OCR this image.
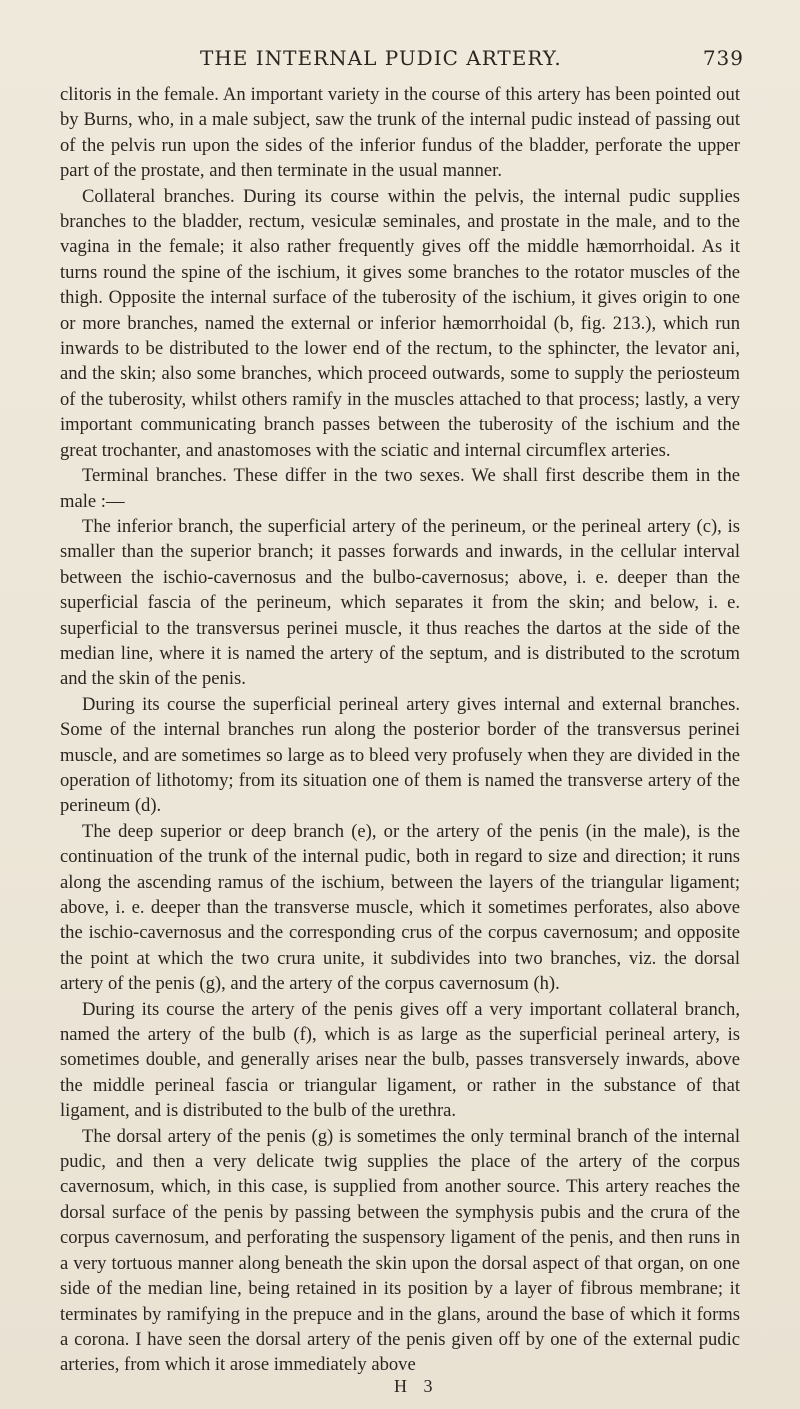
THE INTERNAL PUDIC ARTERY.	739

clitoris in the female. An important variety in the course of this artery has been pointed out by Burns, who, in a male subject, saw the trunk of the internal pudic instead of passing out of the pelvis run upon the sides of the inferior fundus of the bladder, perforate the upper part of the prostate, and then terminate in the usual manner.

Collateral branches. During its course within the pelvis, the internal pudic supplies branches to the bladder, rectum, vesiculæ seminales, and prostate in the male, and to the vagina in the female; it also rather frequently gives off the middle hæmorrhoidal. As it turns round the spine of the ischium, it gives some branches to the rotator muscles of the thigh. Opposite the internal surface of the tuberosity of the ischium, it gives origin to one or more branches, named the external or inferior hæmorrhoidal (b, fig. 213.), which run inwards to be distributed to the lower end of the rectum, to the sphincter, the levator ani, and the skin; also some branches, which proceed outwards, some to supply the periosteum of the tuberosity, whilst others ramify in the muscles attached to that process; lastly, a very important communicating branch passes between the tuberosity of the ischium and the great trochanter, and anastomoses with the sciatic and internal circumflex arteries.

Terminal branches. These differ in the two sexes. We shall first describe them in the male :—

The inferior branch, the superficial artery of the perineum, or the perineal artery (c), is smaller than the superior branch; it passes forwards and inwards, in the cellular interval between the ischio-cavernosus and the bulbo-cavernosus; above, i. e. deeper than the superficial fascia of the perineum, which separates it from the skin; and below, i. e. superficial to the transversus perinei muscle, it thus reaches the dartos at the side of the median line, where it is named the artery of the septum, and is distributed to the scrotum and the skin of the penis.

During its course the superficial perineal artery gives internal and external branches. Some of the internal branches run along the posterior border of the transversus perinei muscle, and are sometimes so large as to bleed very profusely when they are divided in the operation of lithotomy; from its situation one of them is named the transverse artery of the perineum (d).

The deep superior or deep branch (e), or the artery of the penis (in the male), is the continuation of the trunk of the internal pudic, both in regard to size and direction; it runs along the ascending ramus of the ischium, between the layers of the triangular ligament; above, i. e. deeper than the transverse muscle, which it sometimes perforates, also above the ischio-cavernosus and the corresponding crus of the corpus cavernosum; and opposite the point at which the two crura unite, it subdivides into two branches, viz. the dorsal artery of the penis (g), and the artery of the corpus cavernosum (h).

During its course the artery of the penis gives off a very important collateral branch, named the artery of the bulb (f), which is as large as the superficial perineal artery, is sometimes double, and generally arises near the bulb, passes transversely inwards, above the middle perineal fascia or triangular ligament, or rather in the substance of that ligament, and is distributed to the bulb of the urethra.

The dorsal artery of the penis (g) is sometimes the only terminal branch of the internal pudic, and then a very delicate twig supplies the place of the artery of the corpus cavernosum, which, in this case, is supplied from another source. This artery reaches the dorsal surface of the penis by passing between the symphysis pubis and the crura of the corpus cavernosum, and perforating the suspensory ligament of the penis, and then runs in a very tortuous manner along beneath the skin upon the dorsal aspect of that organ, on one side of the median line, being retained in its position by a layer of fibrous membrane; it terminates by ramifying in the prepuce and in the glans, around the base of which it forms a corona. I have seen the dorsal artery of the penis given off by one of the external pudic arteries, from which it arose immediately above

H 3
